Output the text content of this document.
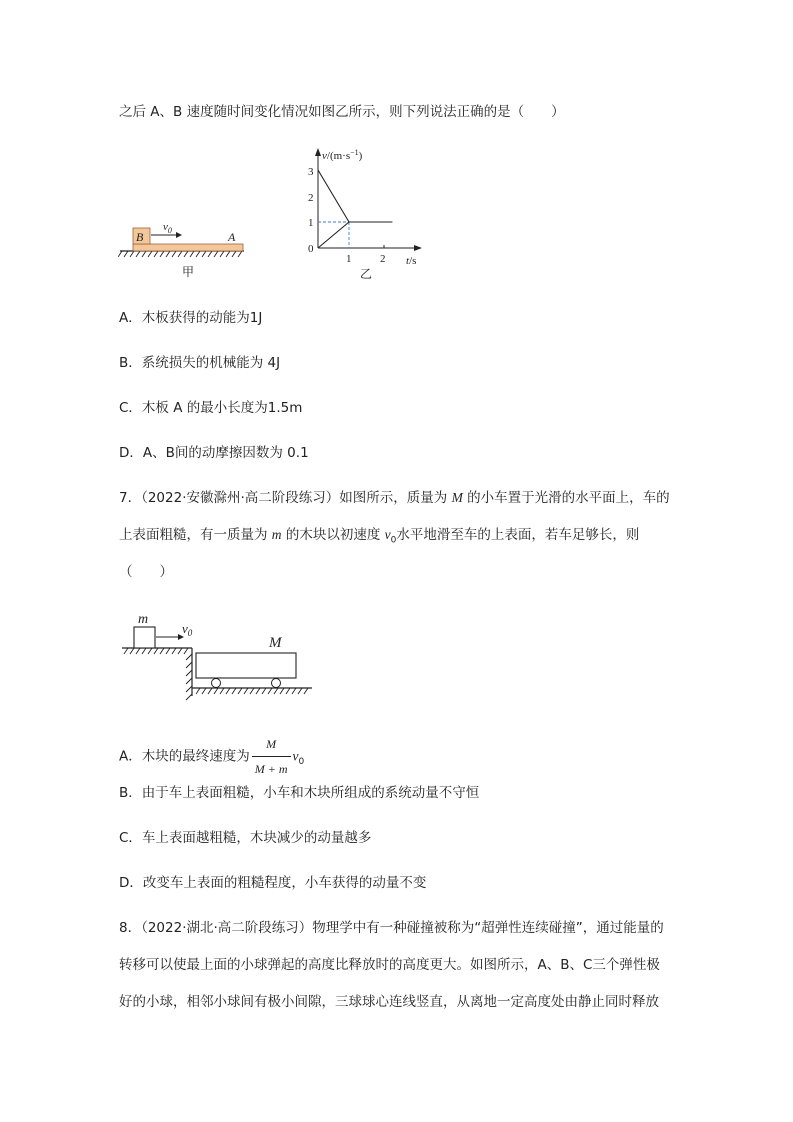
之后 A、B 速度随时间变化情况如图乙所示，则下列说法正确的是（　　）
B	A
$v_0$
甲
$v/(m\cdot s^{-1})$
t/s
3
2
1
0
1	2
乙
A．木板获得的动能为1J
B．系统损失的机械能为 4J
C．木板 A 的最小长度为1.5m
D．A、B间的动摩擦因数为 0.1
7．（2022·安徽滁州·高二阶段练习）如图所示，质量为 M 的小车置于光滑的水平面上，车的
上表面粗糙，有一质量为 m 的木块以初速度 $v_0$水平地滑至车的上表面，若车足够长，则
（　　）
m
$v_0$
M
A．木块的最终速度为 $\frac{M}{M + m} v_0$
B．由于车上表面粗糙，小车和木块所组成的系统动量不守恒
C．车上表面越粗糙，木块减少的动量越多
D．改变车上表面的粗糙程度，小车获得的动量不变
8．（2022·湖北·高二阶段练习）物理学中有一种碰撞被称为“超弹性连续碰撞”，通过能量的
转移可以使最上面的小球弹起的高度比释放时的高度更大。如图所示，A、B、C三个弹性极
好的小球，相邻小球间有极小间隙，三球球心连线竖直，从离地一定高度处由静止同时释放
